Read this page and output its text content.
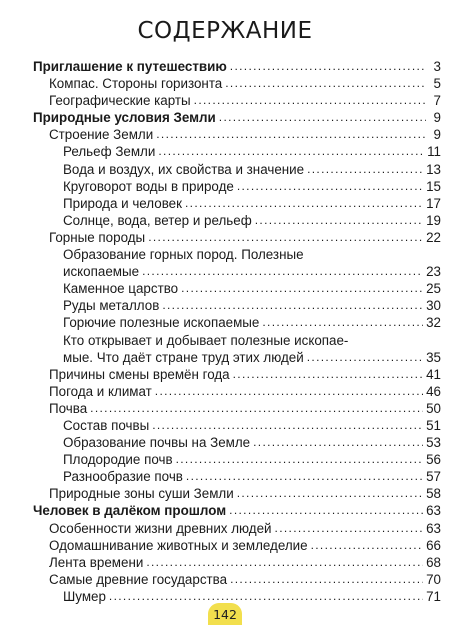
СОДЕРЖАНИЕ
Приглашение к путешествию . . .	3
Компас. Стороны горизонта . . .	5
Географические карты . . .	7
Природные условия Земли . . .	9
Строение Земли . . .	9
Рельеф Земли . . .	11
Вода и воздух, их свойства и значение . . .	13
Круговорот воды в природе . . .	15
Природа и человек . . .	17
Солнце, вода, ветер и рельеф . . .	19
Горные породы . . .	22
Образование горных пород. Полезные
ископаемые . . .	23
Каменное царство . . .	25
Руды металлов . . .	30
Горючие полезные ископаемые . . .	32
Кто открывает и добывает полезные ископае-
мые. Что даёт стране труд этих людей . . .	35
Причины смены времён года . . .	41
Погода и климат . . .	46
Почва . . .	50
Состав почвы . . .	51
Образование почвы на Земле . . .	53
Плодородие почв . . .	56
Разнообразие почв . . .	57
Природные зоны суши Земли . . .	58
Человек в далёком прошлом . . .	63
Особенности жизни древних людей . . .	63
Одомашнивание животных и земледелие . . .	66
Лента времени . . .	68
Самые древние государства . . .	70
Шумер . . .	71
142
